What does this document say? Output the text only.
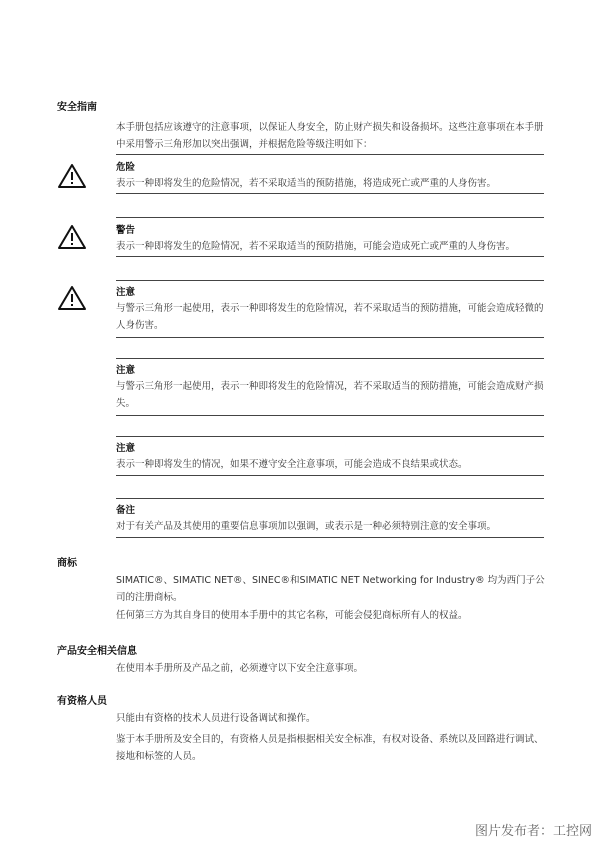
安全指南
本手册包括应该遵守的注意事项，以保证人身安全，防止财产损失和设备损坏。这些注意事项在本手册中采用警示三角形加以突出强调，并根据危险等级注明如下：
危险
表示一种即将发生的危险情况，若不采取适当的预防措施，将造成死亡或严重的人身伤害。
警告
表示一种即将发生的危险情况，若不采取适当的预防措施，可能会造成死亡或严重的人身伤害。
注意
与警示三角形一起使用，表示一种即将发生的危险情况，若不采取适当的预防措施，可能会造成轻微的人身伤害。
注意
与警示三角形一起使用，表示一种即将发生的危险情况，若不采取适当的预防措施，可能会造成财产损失。
注意
表示一种即将发生的情况，如果不遵守安全注意事项，可能会造成不良结果或状态。
备注
对于有关产品及其使用的重要信息事项加以强调，或表示是一种必须特别注意的安全事项。
商标
SIMATIC®、SIMATIC NET®、SINEC®和SIMATIC NET Networking for Industry® 均为西门子公司的注册商标。
任何第三方为其自身目的使用本手册中的其它名称，可能会侵犯商标所有人的权益。
产品安全相关信息
在使用本手册所及产品之前，必须遵守以下安全注意事项。
有资格人员
只能由有资格的技术人员进行设备调试和操作。
鉴于本手册所及安全目的，有资格人员是指根据相关安全标准，有权对设备、系统以及回路进行调试、接地和标签的人员。
图片发布者：工控网
